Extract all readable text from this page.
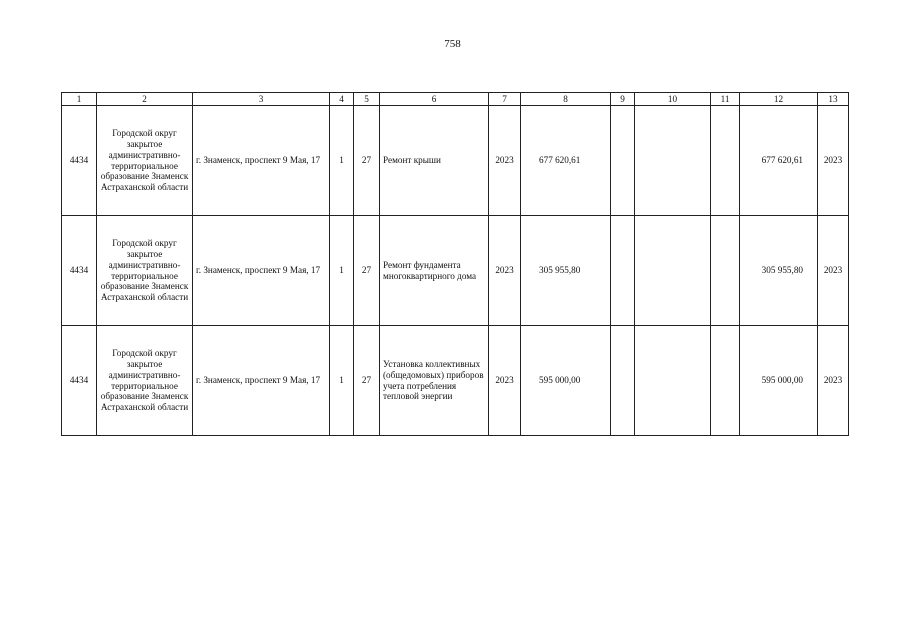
758
1	2	3	4	5	6	7	8	9	10	11	12	13
4434	Городской округ закрытое административно-территориальное образование Знаменск Астраханской области	г. Знаменск, проспект 9 Мая, 17	1	27	Ремонт крыши	2023	677 620,61				677 620,61	2023
4434	Городской округ закрытое административно-территориальное образование Знаменск Астраханской области	г. Знаменск, проспект 9 Мая, 17	1	27	Ремонт фундамента многоквартирного дома	2023	305 955,80				305 955,80	2023
4434	Городской округ закрытое административно-территориальное образование Знаменск Астраханской области	г. Знаменск, проспект 9 Мая, 17	1	27	Установка коллективных (общедомовых) приборов учета потребления тепловой энергии	2023	595 000,00				595 000,00	2023
